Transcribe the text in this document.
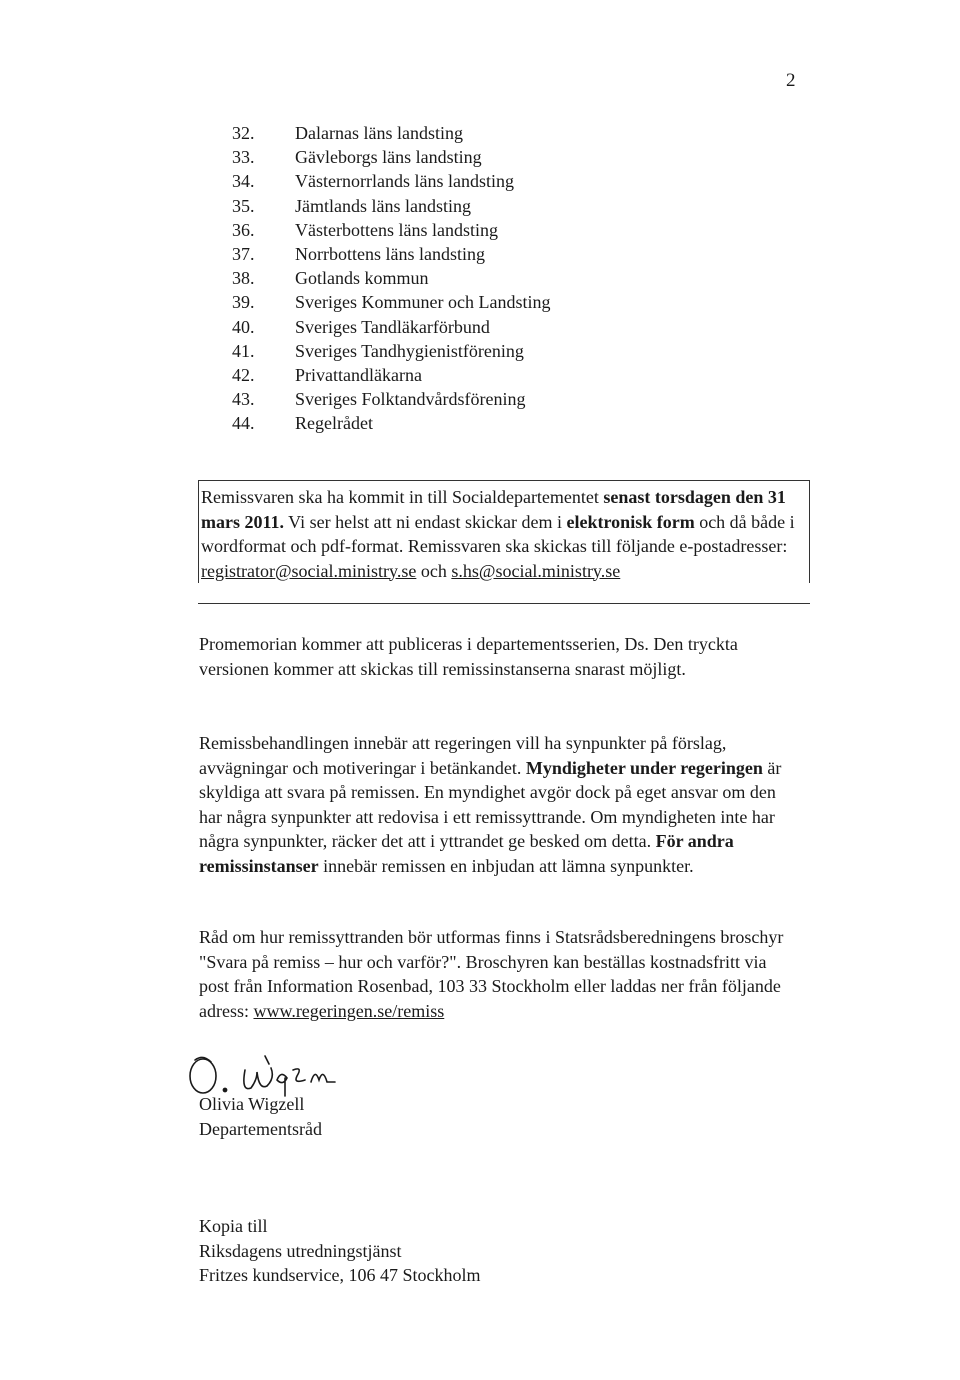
2
32.	Dalarnas läns landsting
33.	Gävleborgs läns landsting
34.	Västernorrlands läns landsting
35.	Jämtlands läns landsting
36.	Västerbottens läns landsting
37.	Norrbottens läns landsting
38.	Gotlands kommun
39.	Sveriges Kommuner och Landsting
40.	Sveriges Tandläkarförbund
41.	Sveriges Tandhygienistförening
42.	Privattandläkarna
43.	Sveriges Folktandvårdsförening
44.	Regelrådet
Remissvaren ska ha kommit in till Socialdepartementet senast torsdagen den 31 mars 2011. Vi ser helst att ni endast skickar dem i elektronisk form och då både i wordformat och pdf-format. Remissvaren ska skickas till följande e-postadresser: registrator@social.ministry.se och s.hs@social.ministry.se
Promemorian kommer att publiceras i departementsserien, Ds. Den tryckta versionen kommer att skickas till remissinstanserna snarast möjligt.
Remissbehandlingen innebär att regeringen vill ha synpunkter på förslag, avvägningar och motiveringar i betänkandet. Myndigheter under regeringen är skyldiga att svara på remissen. En myndighet avgör dock på eget ansvar om den har några synpunkter att redovisa i ett remissyttrande. Om myndigheten inte har några synpunkter, räcker det att i yttrandet ge besked om detta. För andra remissinstanser innebär remissen en inbjudan att lämna synpunkter.
Råd om hur remissyttranden bör utformas finns i Statsrådsberedningens broschyr "Svara på remiss – hur och varför?". Broschyren kan beställas kostnadsfritt via post från Information Rosenbad, 103 33 Stockholm eller laddas ner från följande adress: www.regeringen.se/remiss
Olivia Wigzell
Departementsråd
Kopia till
Riksdagens utredningstjänst
Fritzes kundservice, 106 47 Stockholm
